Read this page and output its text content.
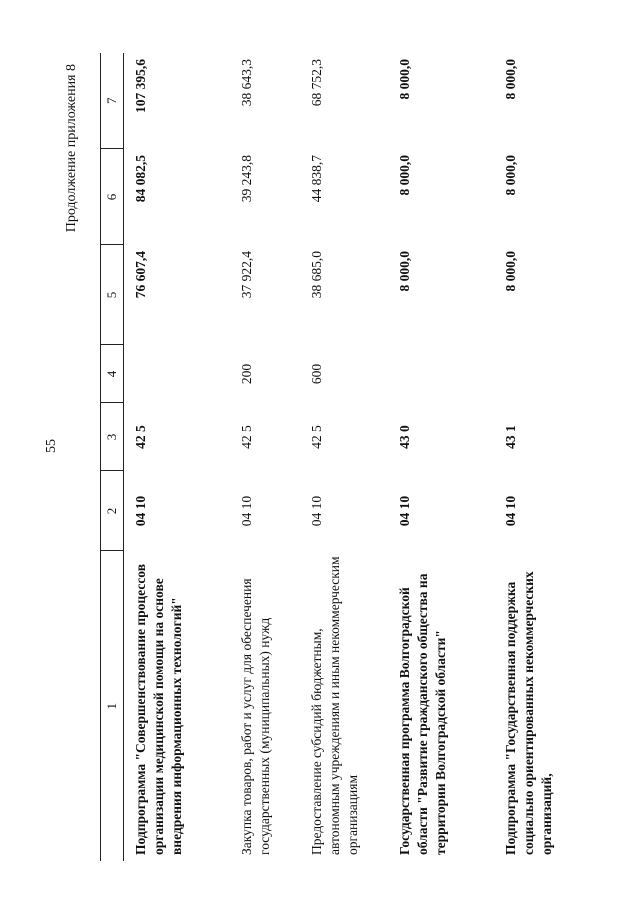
55
Продолжение приложения 8
1	2	3	4	5	6	7
Подпрограмма "Совершенствование процессов организации медицинской помощи на основе внедрения информационных технологий"	04 10	42 5		76 607,4	84 082,5	107 395,6
Закупка товаров, работ и услуг для обеспечения государственных (муниципальных) нужд	04 10	42 5	200	37 922,4	39 243,8	38 643,3
Предоставление субсидий бюджетным, автономным учреждениям и иным некоммерческим организациям	04 10	42 5	600	38 685,0	44 838,7	68 752,3
Государственная программа Волгоградской области "Развитие гражданского общества на территории Волгоградской области"	04 10	43 0		8 000,0	8 000,0	8 000,0
Подпрограмма "Государственная поддержка социально ориентированных некоммерческих организаций,	04 10	43 1		8 000,0	8 000,0	8 000,0
